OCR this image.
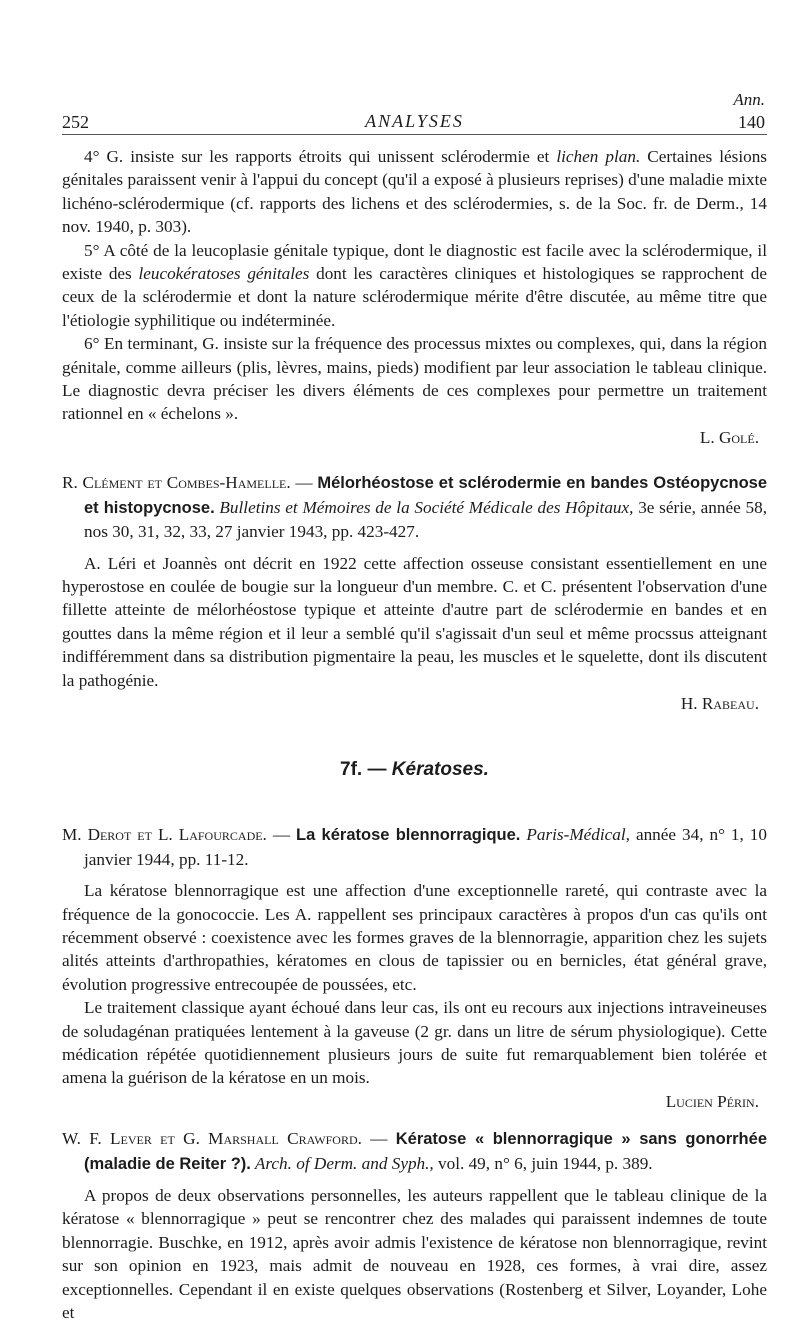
Ann.
252	ANALYSES	140

4° G. insiste sur les rapports étroits qui unissent sclérodermie et lichen plan. Certaines lésions génitales paraissent venir à l'appui du concept (qu'il a exposé à plusieurs reprises) d'une maladie mixte lichéno-sclérodermique (cf. rapports des lichens et des sclérodermies, s. de la Soc. fr. de Derm., 14 nov. 1940, p. 303).

5° A côté de la leucoplasie génitale typique, dont le diagnostic est facile avec la sclérodermique, il existe des leucokératoses génitales dont les caractères cliniques et histologiques se rapprochent de ceux de la sclérodermie et dont la nature sclérodermique mérite d'être discutée, au même titre que l'étiologie syphilitique ou indéterminée.

6° En terminant, G. insiste sur la fréquence des processus mixtes ou complexes, qui, dans la région génitale, comme ailleurs (plis, lèvres, mains, pieds) modifient par leur association le tableau clinique. Le diagnostic devra préciser les divers éléments de ces complexes pour permettre un traitement rationnel en « échelons ».

L. Golé.

R. Clément et Combes-Hamelle. — Mélorhéostose et sclérodermie en bandes Ostéopycnose et histopycnose. Bulletins et Mémoires de la Société Médicale des Hôpitaux, 3e série, année 58, nos 30, 31, 32, 33, 27 janvier 1943, pp. 423-427.

A. Léri et Joannès ont décrit en 1922 cette affection osseuse consistant essentiellement en une hyperostose en coulée de bougie sur la longueur d'un membre. C. et C. présentent l'observation d'une fillette atteinte de mélorhéostose typique et atteinte d'autre part de sclérodermie en bandes et en gouttes dans la même région et il leur a semblé qu'il s'agissait d'un seul et même procssus atteignant indifféremment dans sa distribution pigmentaire la peau, les muscles et le squelette, dont ils discutent la pathogénie.

H. Rabeau.

7f. — Kératoses.

M. Derot et L. Lafourcade. — La kératose blennorragique. Paris-Médical, année 34, n° 1, 10 janvier 1944, pp. 11-12.

La kératose blennorragique est une affection d'une exceptionnelle rareté, qui contraste avec la fréquence de la gonococcie. Les A. rappellent ses principaux caractères à propos d'un cas qu'ils ont récemment observé : coexistence avec les formes graves de la blennorragie, apparition chez les sujets alités atteints d'arthropathies, kératomes en clous de tapissier ou en bernicles, état général grave, évolution progressive entrecoupée de poussées, etc.

Le traitement classique ayant échoué dans leur cas, ils ont eu recours aux injections intraveineuses de soludagénan pratiquées lentement à la gaveuse (2 gr. dans un litre de sérum physiologique). Cette médication répétée quotidiennement plusieurs jours de suite fut remarquablement bien tolérée et amena la guérison de la kératose en un mois.

Lucien Périn.

W. F. Lever et G. Marshall Crawford. — Kératose « blennorragique » sans gonorrhée (maladie de Reiter ?). Arch. of Derm. and Syph., vol. 49, n° 6, juin 1944, p. 389.

A propos de deux observations personnelles, les auteurs rappellent que le tableau clinique de la kératose « blennorragique » peut se rencontrer chez des malades qui paraissent indemnes de toute blennorragie. Buschke, en 1912, après avoir admis l'existence de kératose non blennorragique, revint sur son opinion en 1923, mais admit de nouveau en 1928, ces formes, à vrai dire, assez exceptionnelles. Cependant il en existe quelques observations (Rostenberg et Silver, Loyander, Lohe et
